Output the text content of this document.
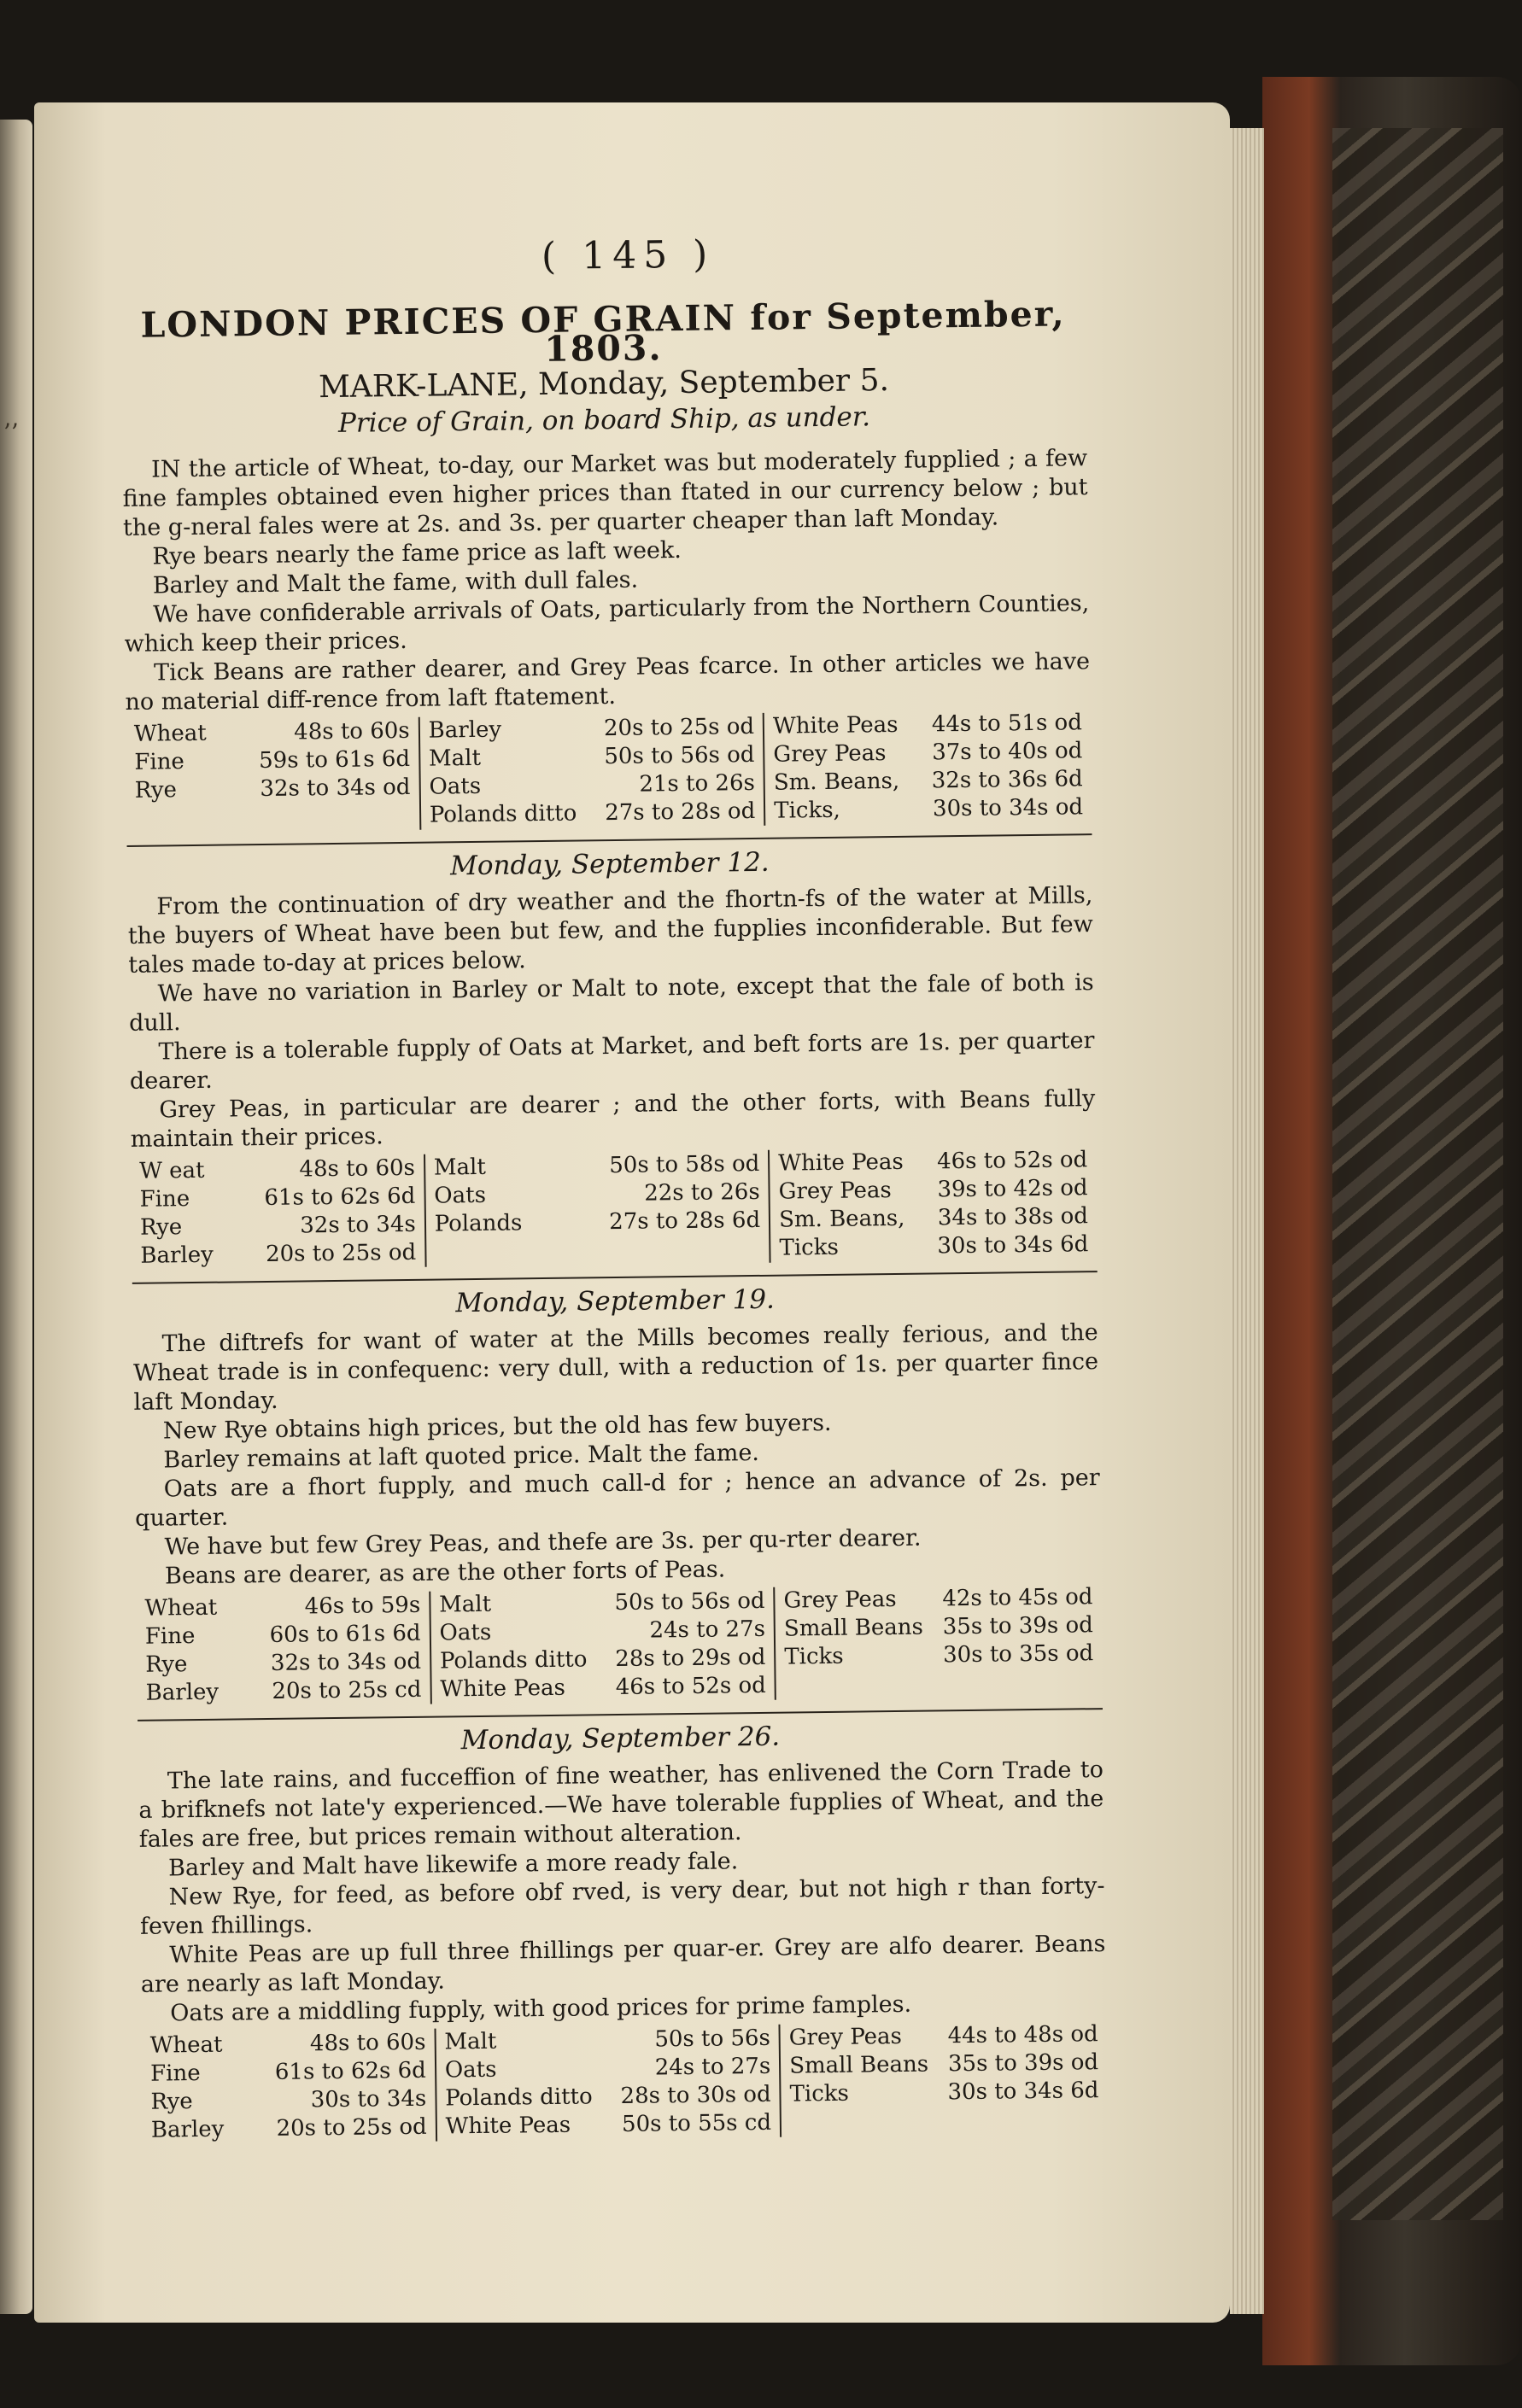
’’
( 145 )
LONDON PRICES OF GRAIN for September, 1803.
MARK-LANE, Monday, September 5.
Price of Grain, on board Ship, as under.

IN the article of Wheat, to-day, our Market was but moderately fupplied ; a few fine famples obtained even higher prices than ftated in our currency below ; but the g-neral fales were at 2s. and 3s. per quarter cheaper than laft Monday.

Rye bears nearly the fame price as laft week.

Barley and Malt the fame, with dull fales.

We have confiderable arrivals of Oats, particularly from the Northern Counties, which keep their prices.

Tick Beans are rather dearer, and Grey Peas fcarce. In other articles we have no material diff-rence from laft ftatement.

Wheat	48s to 60s
Fine	59s to 61s 6d
Rye	32s to 34s od
Barley	20s to 25s od
Malt	50s to 56s od
Oats	21s to 26s
Polands ditto	27s to 28s od
White Peas	44s to 51s od
Grey Peas	37s to 40s od
Sm. Beans,	32s to 36s 6d
Ticks,	30s to 34s od
Monday, September 12.

From the continuation of dry weather and the fhortn-fs of the water at Mills, the buyers of Wheat have been but few, and the fupplies inconfiderable. But few tales made to-day at prices below.

We have no variation in Barley or Malt to note, except that the fale of both is dull.

There is a tolerable fupply of Oats at Market, and beft forts are 1s. per quarter dearer.

Grey Peas, in particular are dearer ; and the other forts, with Beans fully maintain their prices.

W eat	48s to 60s
Fine	61s to 62s 6d
Rye	32s to 34s
Barley	20s to 25s od
Malt	50s to 58s od
Oats	22s to 26s
Polands	27s to 28s 6d
White Peas	46s to 52s od
Grey Peas	39s to 42s od
Sm. Beans,	34s to 38s od
Ticks	30s to 34s 6d
Monday, September 19.

The diftrefs for want of water at the Mills becomes really ferious, and the Wheat trade is in confequenc: very dull, with a reduction of 1s. per quarter fince laft Monday.

New Rye obtains high prices, but the old has few buyers.

Barley remains at laft quoted price. Malt the fame.

Oats are a fhort fupply, and much call-d for ; hence an advance of 2s. per quarter.

We have but few Grey Peas, and thefe are 3s. per qu-rter dearer.

Beans are dearer, as are the other forts of Peas.

Wheat	46s to 59s
Fine	60s to 61s 6d
Rye	32s to 34s od
Barley	20s to 25s cd
Malt	50s to 56s od
Oats	24s to 27s
Polands ditto	28s to 29s od
White Peas	46s to 52s od
Grey Peas	42s to 45s od
Small Beans 35s to 39s od
Ticks	30s to 35s od
Monday, September 26.

The late rains, and fucceffion of fine weather, has enlivened the Corn Trade to a brifknefs not late'y experienced.—We have tolerable fupplies of Wheat, and the fales are free, but prices remain without alteration.

Barley and Malt have likewife a more ready fale.

New Rye, for feed, as before obf rved, is very dear, but not high r than forty-feven fhillings.

White Peas are up full three fhillings per quar-er. Grey are alfo dearer. Beans are nearly as laft Monday.

Oats are a middling fupply, with good prices for prime famples.

Wheat	48s to 60s
Fine	61s to 62s 6d
Rye	30s to 34s
Barley	20s to 25s od
Malt	50s to 56s
Oats	24s to 27s
Polands ditto	28s to 30s od
White Peas	50s to 55s cd
Grey Peas	44s to 48s od
Small Beans 35s to 39s od
Ticks	30s to 34s 6d
